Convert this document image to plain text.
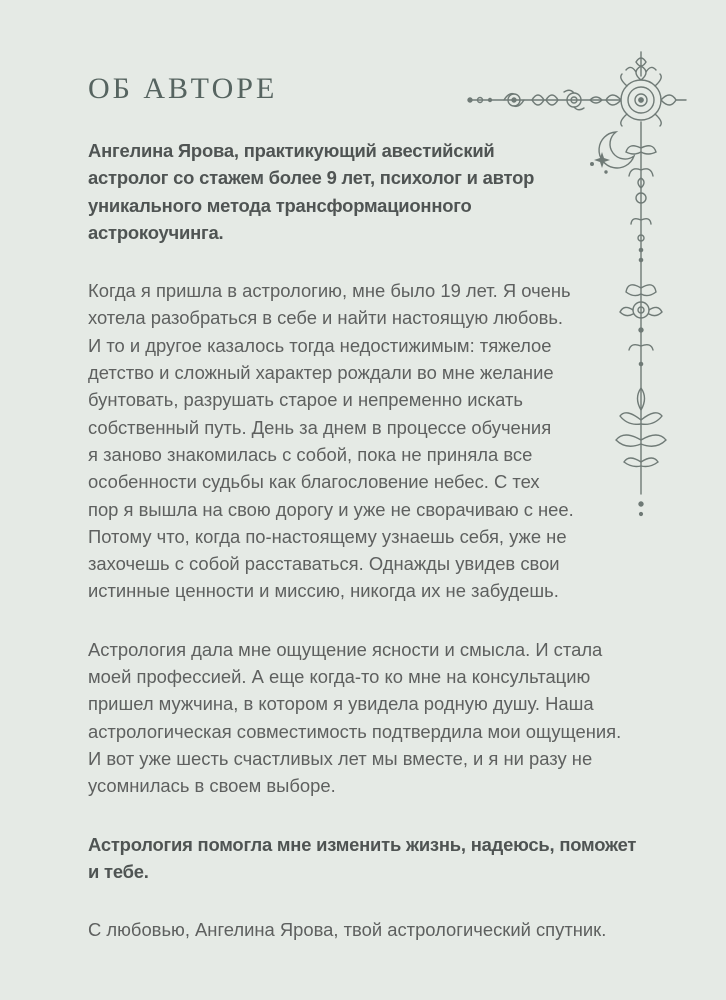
ОБ АВТОРЕ

Ангелина Ярова, практикующий авестийский
астролог со стажем более 9 лет, психолог и автор
уникального метода трансформационного
астрокоучинга.

Когда я пришла в астрологию, мне было 19 лет. Я очень
хотела разобраться в себе и найти настоящую любовь.
И то и другое казалось тогда недостижимым: тяжелое
детство и сложный характер рождали во мне желание
бунтовать, разрушать старое и непременно искать
собственный путь. День за днем в процессе обучения
я заново знакомилась с собой, пока не приняла все
особенности судьбы как благословение небес. С тех
пор я вышла на свою дорогу и уже не сворачиваю с нее.
Потому что, когда по-настоящему узнаешь себя, уже не
захочешь с собой расставаться. Однажды увидев свои
истинные ценности и миссию, никогда их не забудешь.

Астрология дала мне ощущение ясности и смысла. И стала
моей профессией. А еще когда-то ко мне на консультацию
пришел мужчина, в котором я увидела родную душу. Наша
астрологическая совместимость подтвердила мои ощущения.
И вот уже шесть счастливых лет мы вместе, и я ни разу не
усомнилась в своем выборе.

Астрология помогла мне изменить жизнь, надеюсь, поможет
и тебе.

С любовью, Ангелина Ярова, твой астрологический спутник.
